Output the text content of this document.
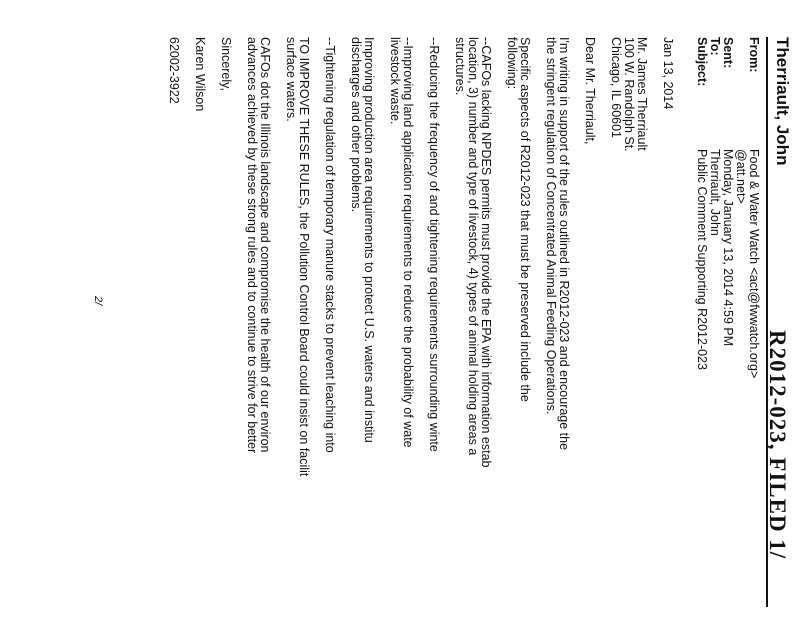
R2012-023, FILED 1/
Therriault, John
From:
Food & Water Watch <act@fwwatch.org>
@att.net>
Sent:
Monday, January 13, 2014 4:59 PM
To:
Therriault, John
Subject:
Public Comment Supporting R2012-023
Jan 13, 2014
Mr. James Therriault
100 W. Randolph St.
Chicago, IL 60601
Dear Mr. Therriault,
I'm writing in support of the rules outlined in R2012-023 and encourage the
the stringent regulation of Concentrated Animal Feeding Operations.
Specific aspects of R2012-023 that must be preserved include the
following:
--CAFOs lacking NPDES permits must provide the EPA with information estab
location, 3) number and type of livestock, 4) types of animal holding areas a
structures.
--Reducing the frequency of and tightening requirements surrounding winte
--Improving land application requirements to reduce the probability of wate
livestock waste.
Improving production area requirements to protect U.S. waters and institu
discharges and other problems.
--Tightening regulation of temporary manure stacks to prevent leaching into
TO IMPROVE THESE RULES, the Pollution Control Board could insist on facilit
surface waters.
CAFOs dot the Illinois landscape and compromise the health of our environ
advances achieved by these strong rules and to continue to strive for better
Sincerely,
Karen Wilson
62002-3922
2/
